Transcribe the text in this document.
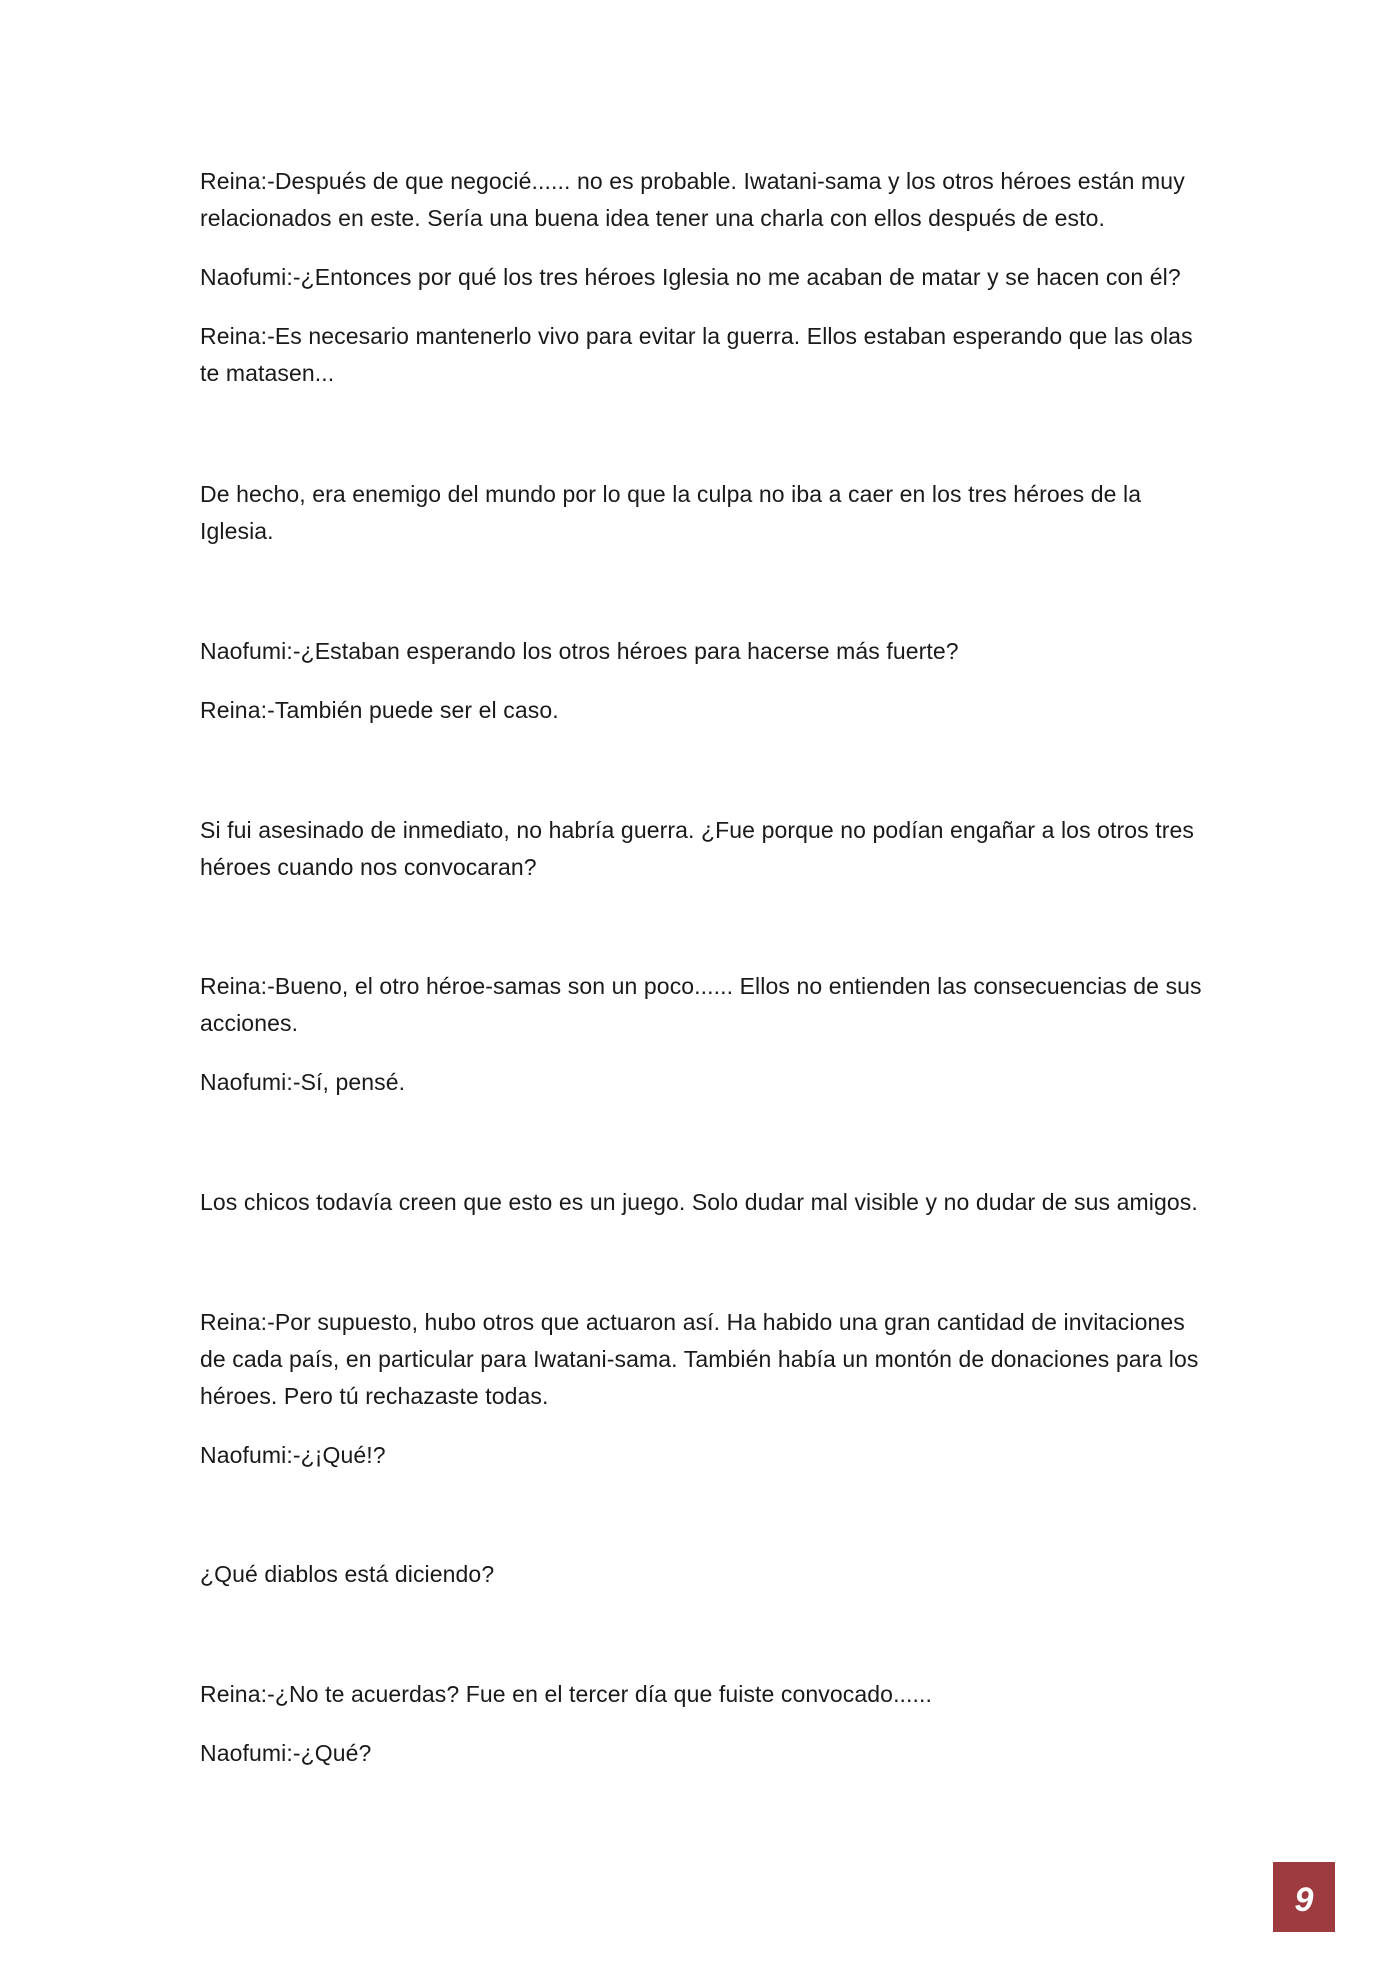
Reina:-Después de que negocié...... no es probable. Iwatani-sama y los otros héroes están muy relacionados en este. Sería una buena idea tener una charla con ellos después de esto.

Naofumi:-¿Entonces por qué los tres héroes Iglesia no me acaban de matar y se hacen con él?

Reina:-Es necesario mantenerlo vivo para evitar la guerra. Ellos estaban esperando que las olas te matasen...

De hecho, era enemigo del mundo por lo que la culpa no iba a caer en los tres héroes de la Iglesia.

Naofumi:-¿Estaban esperando los otros héroes para hacerse más fuerte?

Reina:-También puede ser el caso.

Si fui asesinado de inmediato, no habría guerra. ¿Fue porque no podían engañar a los otros tres héroes cuando nos convocaran?

Reina:-Bueno, el otro héroe-samas son un poco...... Ellos no entienden las consecuencias de sus acciones.

Naofumi:-Sí, pensé.

Los chicos todavía creen que esto es un juego. Solo dudar mal visible y no dudar de sus amigos.

Reina:-Por supuesto, hubo otros que actuaron así. Ha habido una gran cantidad de invitaciones de cada país, en particular para Iwatani-sama. También había un montón de donaciones para los héroes. Pero tú rechazaste todas.

Naofumi:-¿¡Qué!?

¿Qué diablos está diciendo?

Reina:-¿No te acuerdas? Fue en el tercer día que fuiste convocado......

Naofumi:-¿Qué?

9
